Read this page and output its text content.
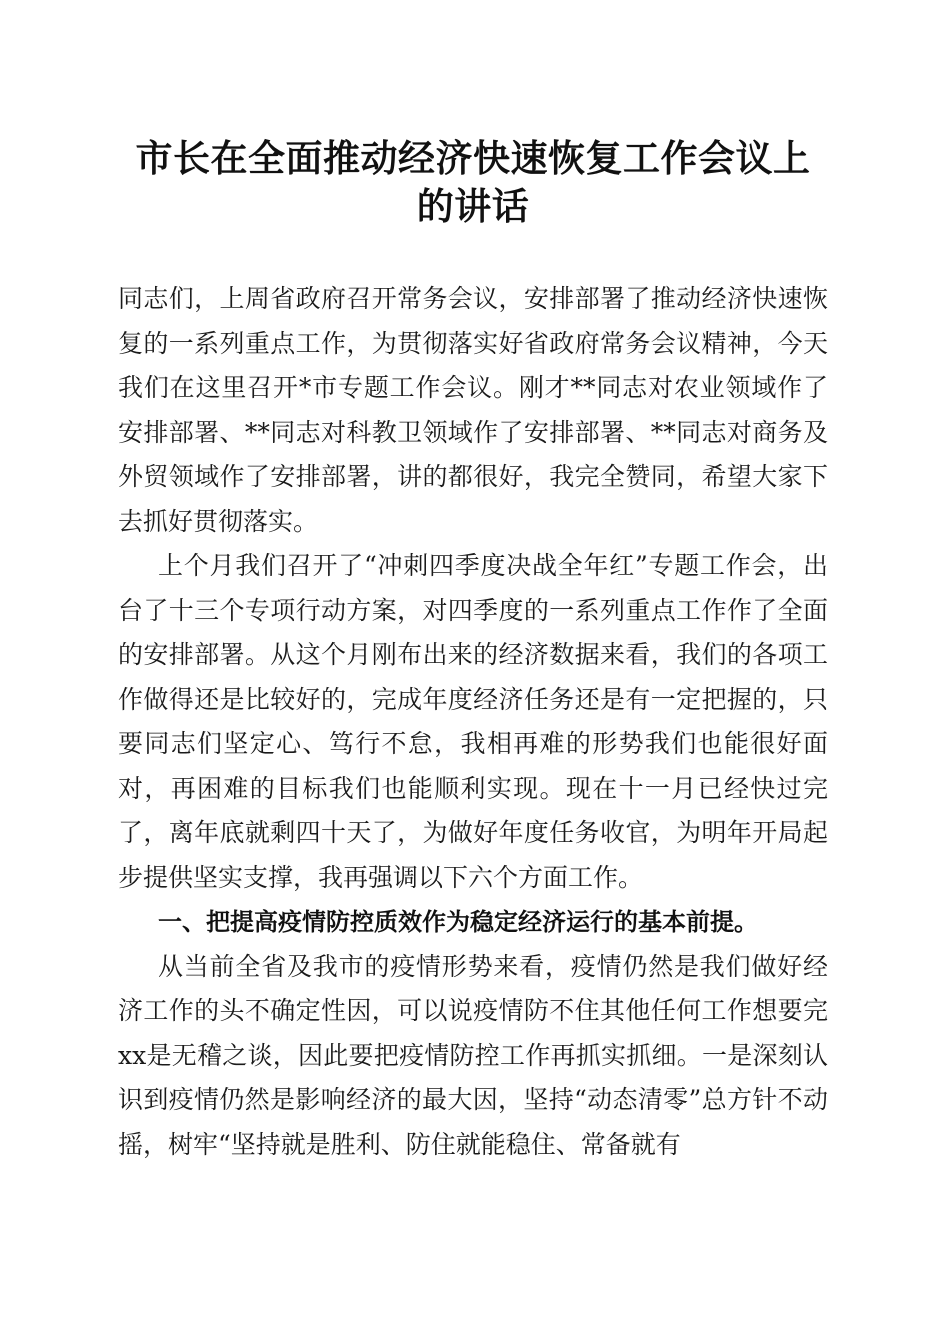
市长在全面推动经济快速恢复工作会议上的讲话

同志们，上周省政府召开常务会议，安排部署了推动经济快速恢复的一系列重点工作，为贯彻落实好省政府常务会议精神，今天我们在这里召开*市专题工作会议。刚才**同志对农业领域作了安排部署、**同志对科教卫领域作了安排部署、**同志对商务及外贸领域作了安排部署，讲的都很好，我完全赞同，希望大家下去抓好贯彻落实。

上个月我们召开了“冲刺四季度决战全年红”专题工作会，出台了十三个专项行动方案，对四季度的一系列重点工作作了全面的安排部署。从这个月刚布出来的经济数据来看，我们的各项工作做得还是比较好的，完成年度经济任务还是有一定把握的，只要同志们坚定心、笃行不怠，我相再难的形势我们也能很好面对，再困难的目标我们也能顺利实现。现在十一月已经快过完了，离年底就剩四十天了，为做好年度任务收官，为明年开局起步提供坚实支撑，我再强调以下六个方面工作。

一、把提高疫情防控质效作为稳定经济运行的基本前提。

从当前全省及我市的疫情形势来看，疫情仍然是我们做好经济工作的头不确定性因，可以说疫情防不住其他任何工作想要完xx是无稽之谈，因此要把疫情防控工作再抓实抓细。一是深刻认识到疫情仍然是影响经济的最大因，坚持“动态清零”总方针不动摇，树牢“坚持就是胜利、防住就能稳住、常备就有
